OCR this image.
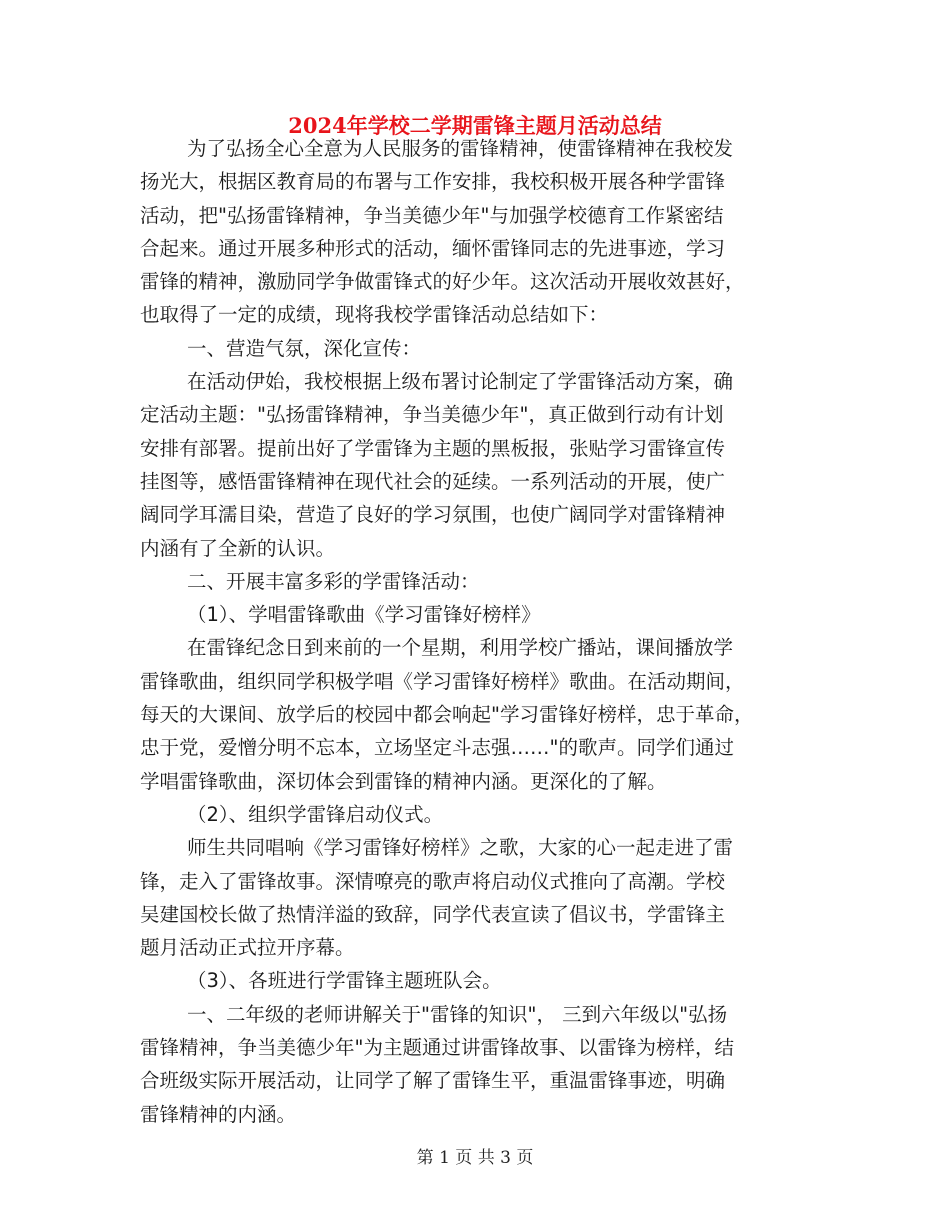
2024年学校二学期雷锋主题月活动总结
为了弘扬全心全意为人民服务的雷锋精神，使雷锋精神在我校发
扬光大，根据区教育局的布署与工作安排，我校积极开展各种学雷锋
活动，把"弘扬雷锋精神，争当美德少年"与加强学校德育工作紧密结
合起来。通过开展多种形式的活动，缅怀雷锋同志的先进事迹，学习
雷锋的精神，激励同学争做雷锋式的好少年。这次活动开展收效甚好，
也取得了一定的成绩，现将我校学雷锋活动总结如下：
一、营造气氛，深化宣传：
在活动伊始，我校根据上级布署讨论制定了学雷锋活动方案，确
定活动主题："弘扬雷锋精神，争当美德少年"，真正做到行动有计划
安排有部署。提前出好了学雷锋为主题的黑板报，张贴学习雷锋宣传
挂图等，感悟雷锋精神在现代社会的延续。一系列活动的开展，使广
阔同学耳濡目染，营造了良好的学习氛围，也使广阔同学对雷锋精神
内涵有了全新的认识。
二、开展丰富多彩的学雷锋活动：
（1）、学唱雷锋歌曲《学习雷锋好榜样》
在雷锋纪念日到来前的一个星期，利用学校广播站，课间播放学
雷锋歌曲，组织同学积极学唱《学习雷锋好榜样》歌曲。在活动期间，
每天的大课间、放学后的校园中都会响起"学习雷锋好榜样，忠于革命，
忠于党，爱憎分明不忘本，立场坚定斗志强……"的歌声。同学们通过
学唱雷锋歌曲，深切体会到雷锋的精神内涵。更深化的了解。
（2）、组织学雷锋启动仪式。
师生共同唱响《学习雷锋好榜样》之歌，大家的心一起走进了雷
锋，走入了雷锋故事。深情嘹亮的歌声将启动仪式推向了高潮。学校
吴建国校长做了热情洋溢的致辞，同学代表宣读了倡议书，学雷锋主
题月活动正式拉开序幕。
（3）、各班进行学雷锋主题班队会。
一、二年级的老师讲解关于"雷锋的知识"， 三到六年级以"弘扬
雷锋精神，争当美德少年"为主题通过讲雷锋故事、以雷锋为榜样，结
合班级实际开展活动，让同学了解了雷锋生平，重温雷锋事迹，明确
雷锋精神的内涵。
第 1 页 共 3 页
